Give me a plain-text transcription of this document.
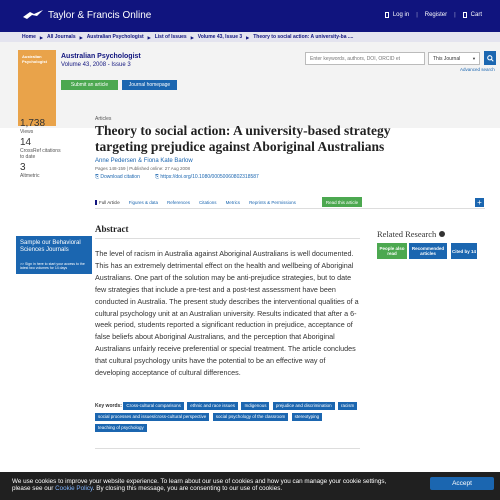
Taylor & Francis Online	Log in | Register |	Cart
Home ▶ All Journals ▶ Australian Psychologist ▶ List of Issues ▶ Volume 43, Issue 3 ▶ Theory to social action: A university-ba ....
Australian Psychologist
Australian Psychologist
Volume 43, 2008 - Issue 3
Submit an article	Journal homepage
Enter keywords, authors, DOI, ORCID et
This Journal	▼
Advanced search
1,738
Views
14
CrossRef citations to date
3
Altmetric
Articles
Theory to social action: A university-based strategy targeting prejudice against Aboriginal Australians
Anne Pedersen & Fiona Kate Barlow
Pages 148-159 | Published online: 27 Aug 2008
⎘ Download citation	⎘ https://doi.org/10.1080/00050060802318587
Full Article Figures & data References Citations Metrics Reprints & Permissions	Read this article	+
Sample our Behavioral Sciences Journals
>> Sign in here to start your access to the latest two volumes for 14 days
Abstract
The level of racism in Australia against Aboriginal Australians is well documented. This has an extremely detrimental effect on the health and wellbeing of Aboriginal Australians. One part of the solution may be anti-prejudice strategies, but to date few strategies that include a pre-test and a post-test assessment have been conducted in Australia. The present study describes the interventional qualities of a cultural psychology unit at an Australian university. Results indicated that after a 6-week period, students reported a significant reduction in prejudice, acceptance of false beliefs about Aboriginal Australians, and the perception that Aboriginal Australians unfairly receive preferential or special treatment. The article concludes that cultural psychology units have the potential to be an effective way of developing acceptance of cultural differences.
Key words: Cross-cultural comparisons ethnic and race issues Indigenous prejudice and discrimination racism social processes and issues/cross-cultural perspective social psychology of the classroom stereotyping teaching of psychology
Related Research
People also read
Recommended articles	Cited by 14
We use cookies to improve your website experience. To learn about our use of cookies and how you can manage your cookie settings,
please see our Cookie Policy. By closing this message, you are consenting to our use of cookies.
Accept
